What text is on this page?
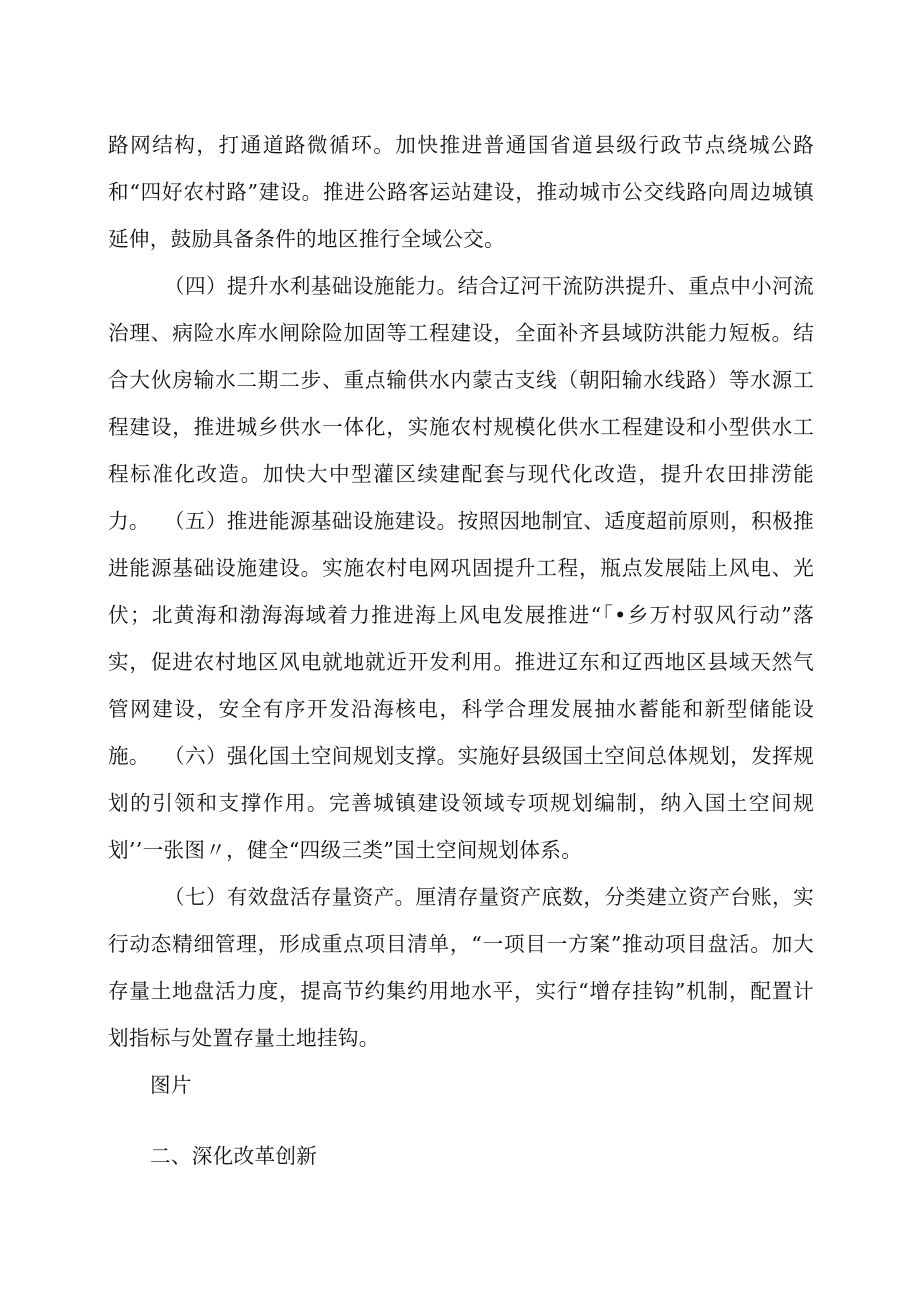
路网结构，打通道路微循环。加快推进普通国省道县级行政节点绕城公路和“四好农村路”建设。推进公路客运站建设，推动城市公交线路向周边城镇延伸，鼓励具备条件的地区推行全域公交。

（四）提升水利基础设施能力。结合辽河干流防洪提升、重点中小河流治理、病险水库水闸除险加固等工程建设，全面补齐县域防洪能力短板。结合大伙房输水二期二步、重点输供水内蒙古支线（朝阳输水线路）等水源工程建设，推进城乡供水一体化，实施农村规模化供水工程建设和小型供水工程标准化改造。加快大中型灌区续建配套与现代化改造，提升农田排涝能力。 （五）推进能源基础设施建设。按照因地制宜、适度超前原则，积极推进能源基础设施建设。实施农村电网巩固提升工程，瓶点发展陆上风电、光伏；北黄海和渤海海域着力推进海上风电发展推进“「•乡万村驭风行动”落实，促进农村地区风电就地就近开发利用。推进辽东和辽西地区县域天然气管网建设，安全有序开发沿海核电，科学合理发展抽水蓄能和新型储能设施。 （六）强化国土空间规划支撑。实施好县级国土空间总体规划，发挥规划的引领和支撑作用。完善城镇建设领域专项规划编制，纳入国土空间规划’’一张图〃，健全“四级三类”国土空间规划体系。

（七）有效盘活存量资产。厘清存量资产底数，分类建立资产台账，实行动态精细管理，形成重点项目清单，“一项目一方案”推动项目盘活。加大存量土地盘活力度，提高节约集约用地水平，实行“增存挂钩”机制，配置计划指标与处置存量土地挂钩。

图片

二、深化改革创新
